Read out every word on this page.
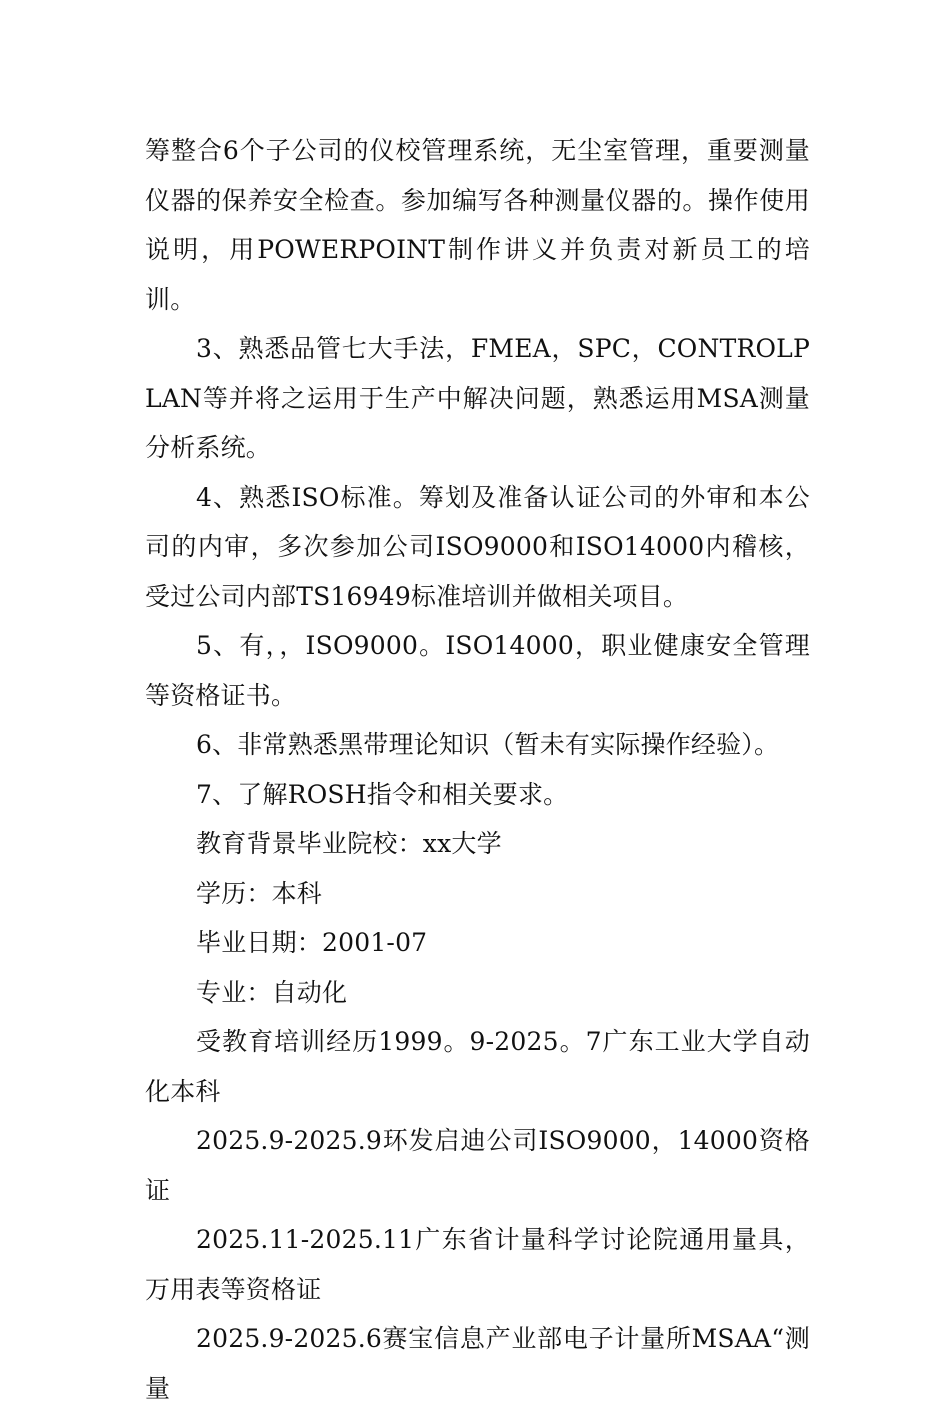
筹整合6个子公司的仪校管理系统，无尘室管理，重要测量仪器的保养安全检查。参加编写各种测量仪器的。操作使用说明，用POWERPOINT制作讲义并负责对新员工的培训。

3、熟悉品管七大手法，FMEA，SPC，CONTROLPLAN等并将之运用于生产中解决问题，熟悉运用MSA测量分析系统。

4、熟悉ISO标准。筹划及准备认证公司的外审和本公司的内审，多次参加公司ISO9000和ISO14000内稽核，受过公司内部TS16949标准培训并做相关项目。

5、有，，ISO9000。ISO14000，职业健康安全管理等资格证书。

6、非常熟悉黑带理论知识（暂未有实际操作经验）。

7、了解ROSH指令和相关要求。

教育背景毕业院校：xx大学

学历：本科

毕业日期：2001-07

专业：自动化

受教育培训经历1999。9-2025。7广东工业大学自动化本科

2025.9-2025.9环发启迪公司ISO9000，14000资格证

2025.11-2025.11广东省计量科学讨论院通用量具，万用表等资格证

2025.9-2025.6赛宝信息产业部电子计量所MSAA“测量
